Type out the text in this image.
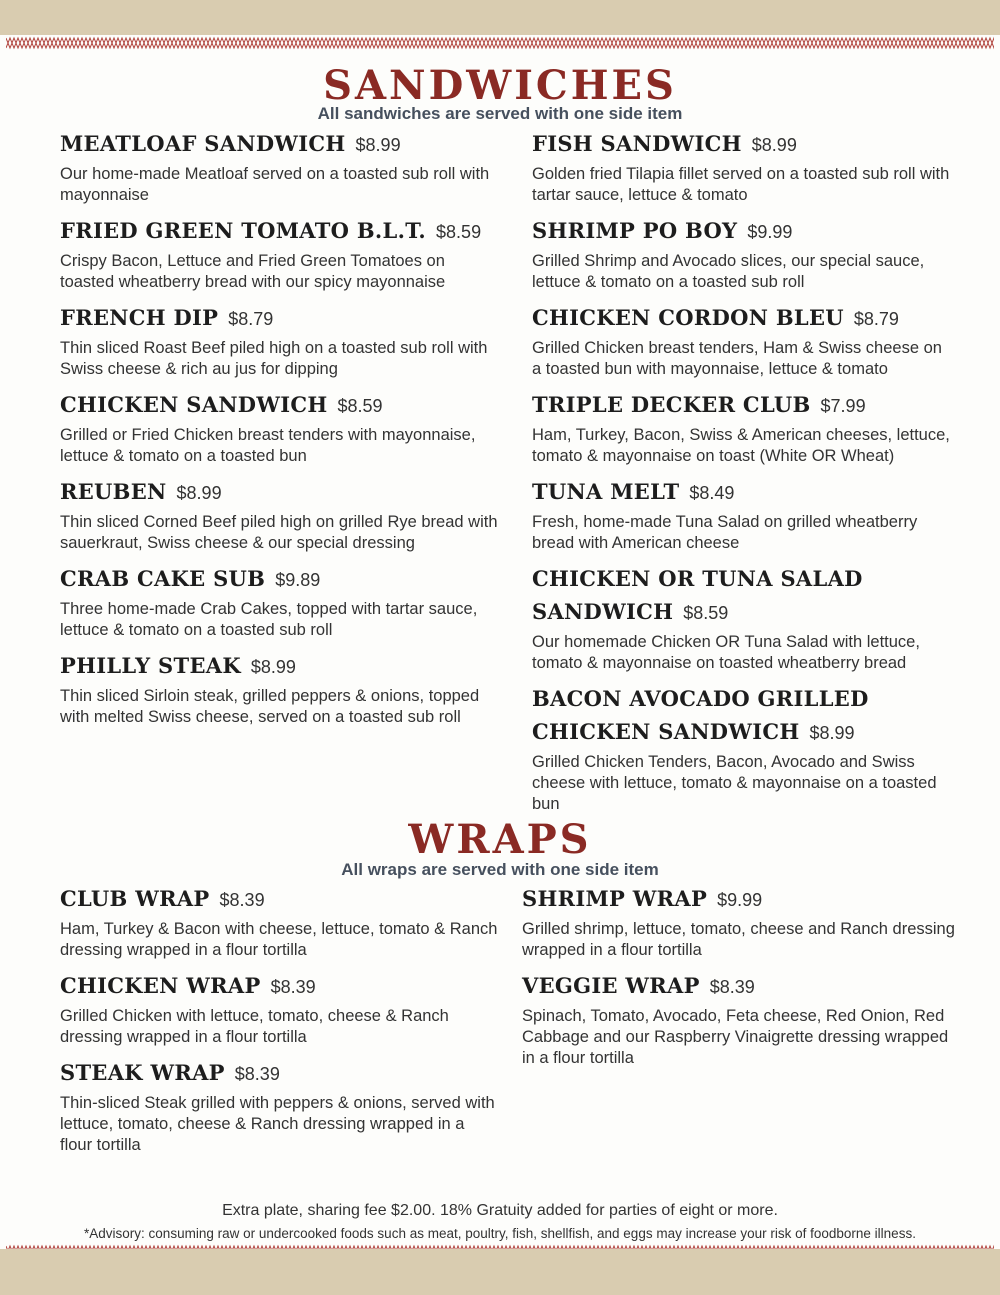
SANDWICHES
All sandwiches are served with one side item
MEATLOAF SANDWICH $8.99
Our home-made Meatloaf served on a toasted sub roll with mayonnaise
FRIED GREEN TOMATO B.L.T. $8.59
Crispy Bacon, Lettuce and Fried Green Tomatoes on toasted wheatberry bread with our spicy mayonnaise
FRENCH DIP $8.79
Thin sliced Roast Beef piled high on a toasted sub roll with Swiss cheese & rich au jus for dipping
CHICKEN SANDWICH $8.59
Grilled or Fried Chicken breast tenders with mayonnaise, lettuce & tomato on a toasted bun
REUBEN $8.99
Thin sliced Corned Beef piled high on grilled Rye bread with sauerkraut, Swiss cheese & our special dressing
CRAB CAKE SUB $9.89
Three home-made Crab Cakes, topped with tartar sauce, lettuce & tomato on a toasted sub roll
PHILLY STEAK $8.99
Thin sliced Sirloin steak, grilled peppers & onions, topped with melted Swiss cheese, served on a toasted sub roll
FISH SANDWICH $8.99
Golden fried Tilapia fillet served on a toasted sub roll with tartar sauce, lettuce & tomato
SHRIMP PO BOY $9.99
Grilled Shrimp and Avocado slices, our special sauce, lettuce & tomato on a toasted sub roll
CHICKEN CORDON BLEU $8.79
Grilled Chicken breast tenders, Ham & Swiss cheese on a toasted bun with mayonnaise, lettuce & tomato
TRIPLE DECKER CLUB $7.99
Ham, Turkey, Bacon, Swiss & American cheeses, lettuce, tomato & mayonnaise on toast (White OR Wheat)
TUNA MELT $8.49
Fresh, home-made Tuna Salad on grilled wheatberry bread with American cheese
CHICKEN OR TUNA SALAD SANDWICH $8.59
Our homemade Chicken OR Tuna Salad with lettuce, tomato & mayonnaise on toasted wheatberry bread
BACON AVOCADO GRILLED CHICKEN SANDWICH $8.99
Grilled Chicken Tenders, Bacon, Avocado and Swiss cheese with lettuce, tomato & mayonnaise on a toasted bun
WRAPS
All wraps are served with one side item
CLUB WRAP $8.39
Ham, Turkey & Bacon with cheese, lettuce, tomato & Ranch dressing wrapped in a flour tortilla
CHICKEN WRAP $8.39
Grilled Chicken with lettuce, tomato, cheese & Ranch dressing wrapped in a flour tortilla
STEAK WRAP $8.39
Thin-sliced Steak grilled with peppers & onions, served with lettuce, tomato, cheese & Ranch dressing wrapped in a flour tortilla
SHRIMP WRAP $9.99
Grilled shrimp, lettuce, tomato, cheese and Ranch dressing wrapped in a flour tortilla
VEGGIE WRAP $8.39
Spinach, Tomato, Avocado, Feta cheese, Red Onion, Red Cabbage and our Raspberry Vinaigrette dressing wrapped in a flour tortilla
Extra plate, sharing fee $2.00. 18% Gratuity added for parties of eight or more.
*Advisory: consuming raw or undercooked foods such as meat, poultry, fish, shellfish, and eggs may increase your risk of foodborne illness.
